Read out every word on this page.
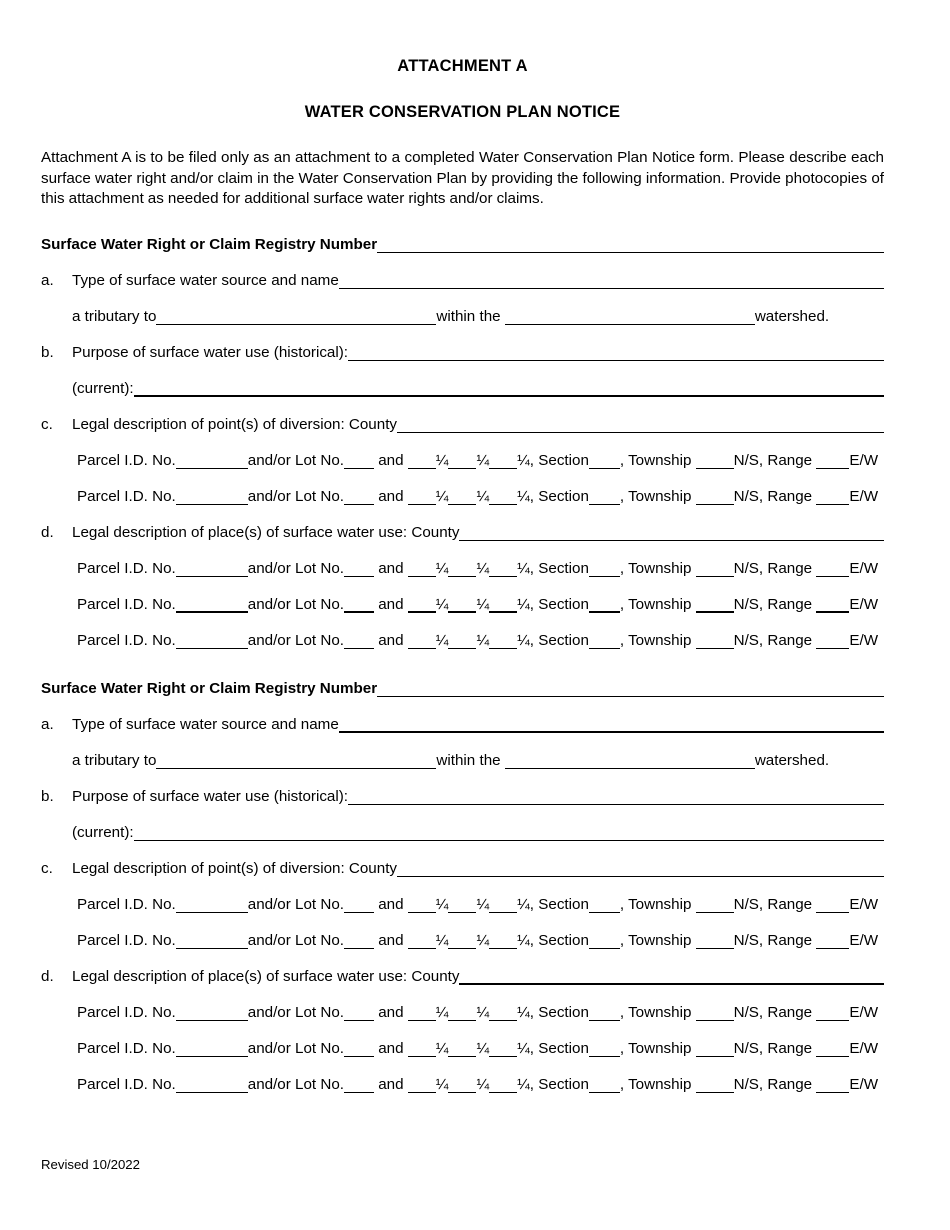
ATTACHMENT A
WATER CONSERVATION PLAN NOTICE

Attachment A is to be filed only as an attachment to a completed Water Conservation Plan Notice form. Please describe each surface water right and/or claim in the Water Conservation Plan by providing the following information. Provide photocopies of this attachment as needed for additional surface water rights and/or claims.

Surface Water Right or Claim Registry Number
a.	Type of surface water source and name
a tributary to	within the	watershed.
b.	Purpose of surface water use (historical):
(current):
c.	Legal description of point(s) of diversion: County
Parcel I.D. No.	and/or Lot No. and ¼ ¼ ¼ , Section , Township	N/S, Range E/W
Parcel I.D. No.	and/or Lot No. and ¼ ¼ ¼ , Section , Township	N/S, Range E/W
d.	Legal description of place(s) of surface water use: County
Parcel I.D. No.	and/or Lot No. and ¼ ¼ ¼ , Section , Township	N/S, Range E/W
Parcel I.D. No.	and/or Lot No. and ¼ ¼ ¼ , Section , Township	N/S, Range E/W
Parcel I.D. No.	and/or Lot No. and ¼ ¼ ¼ , Section , Township	N/S, Range E/W
Surface Water Right or Claim Registry Number
a.	Type of surface water source and name
a tributary to	within the	watershed.
b.	Purpose of surface water use (historical):
(current):
c.	Legal description of point(s) of diversion: County
Parcel I.D. No.	and/or Lot No. and ¼ ¼ ¼ , Section , Township	N/S, Range E/W
Parcel I.D. No.	and/or Lot No. and ¼ ¼ ¼ , Section , Township	N/S, Range E/W
d.	Legal description of place(s) of surface water use: County
Parcel I.D. No.	and/or Lot No. and ¼ ¼ ¼ , Section , Township	N/S, Range E/W
Parcel I.D. No.	and/or Lot No. and ¼ ¼ ¼ , Section , Township	N/S, Range E/W
Parcel I.D. No.	and/or Lot No. and ¼ ¼ ¼ , Section , Township	N/S, Range E/W
Revised 10/2022
